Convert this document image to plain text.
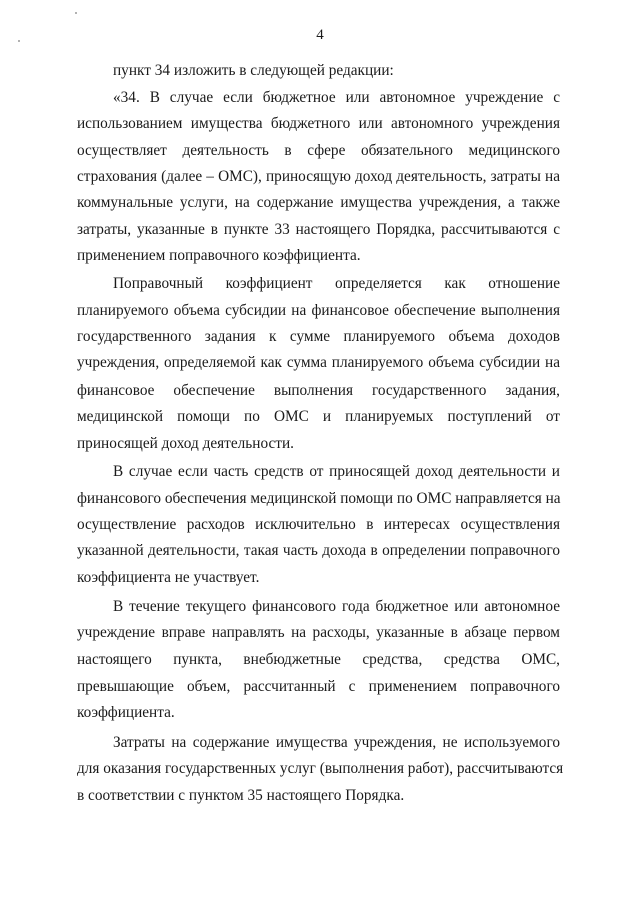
4
пункт 34 изложить в следующей редакции:
«34. В случае если бюджетное или автономное учреждение с
использованием имущества бюджетного или автономного учреждения
осуществляет деятельность в сфере обязательного медицинского
страхования (далее – ОМС), приносящую доход деятельность, затраты на
коммунальные услуги, на содержание имущества учреждения, а также
затраты, указанные в пункте 33 настоящего Порядка, рассчитываются с
применением поправочного коэффициента.
Поправочный коэффициент определяется как отношение
планируемого объема субсидии на финансовое обеспечение выполнения
государственного задания к сумме планируемого объема доходов
учреждения, определяемой как сумма планируемого объема субсидии на
финансовое обеспечение выполнения государственного задания,
медицинской помощи по ОМС и планируемых поступлений от
приносящей доход деятельности.
В случае если часть средств от приносящей доход деятельности и
финансового обеспечения медицинской помощи по ОМС направляется на
осуществление расходов исключительно в интересах осуществления
указанной деятельности, такая часть дохода в определении поправочного
коэффициента не участвует.
В течение текущего финансового года бюджетное или автономное
учреждение вправе направлять на расходы, указанные в абзаце первом
настоящего пункта, внебюджетные средства, средства ОМС,
превышающие объем, рассчитанный с применением поправочного
коэффициента.
Затраты на содержание имущества учреждения, не используемого
для оказания государственных услуг (выполнения работ), рассчитываются
в соответствии с пунктом 35 настоящего Порядка.
